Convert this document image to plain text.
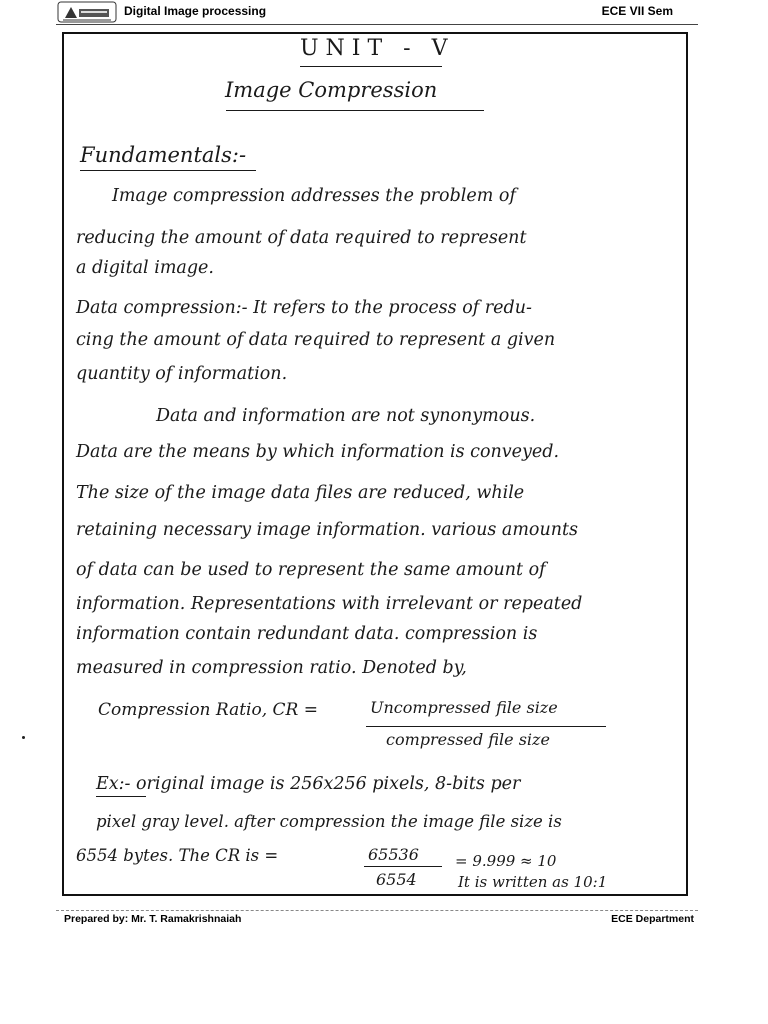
Digital Image processing	ECE VII Sem
UNIT - V
Image Compression
Fundamentals:-
Image compression addresses the problem of
reducing the amount of data required to represent
a digital image.
Data compression:- It refers to the process of redu-
cing the amount of data required to represent a given
quantity of information.
Data and information are not synonymous.
Data are the means by which information is conveyed.
The size of the image data files are reduced, while
retaining necessary image information. various amounts
of data can be used to represent the same amount of
information. Representations with irrelevant or repeated
information contain redundant data. compression is
measured in compression ratio. Denoted by,
Compression Ratio, CR =	Uncompressed file size
compressed file size
Ex:- original image is 256x256 pixels, 8-bits per
pixel gray level. after compression the image file size is
6554 bytes. The CR is =	65536
6554
= 9.999 ≈ 10
It is written as 10:1
Prepared by: Mr. T. Ramakrishnaiah	ECE Department
